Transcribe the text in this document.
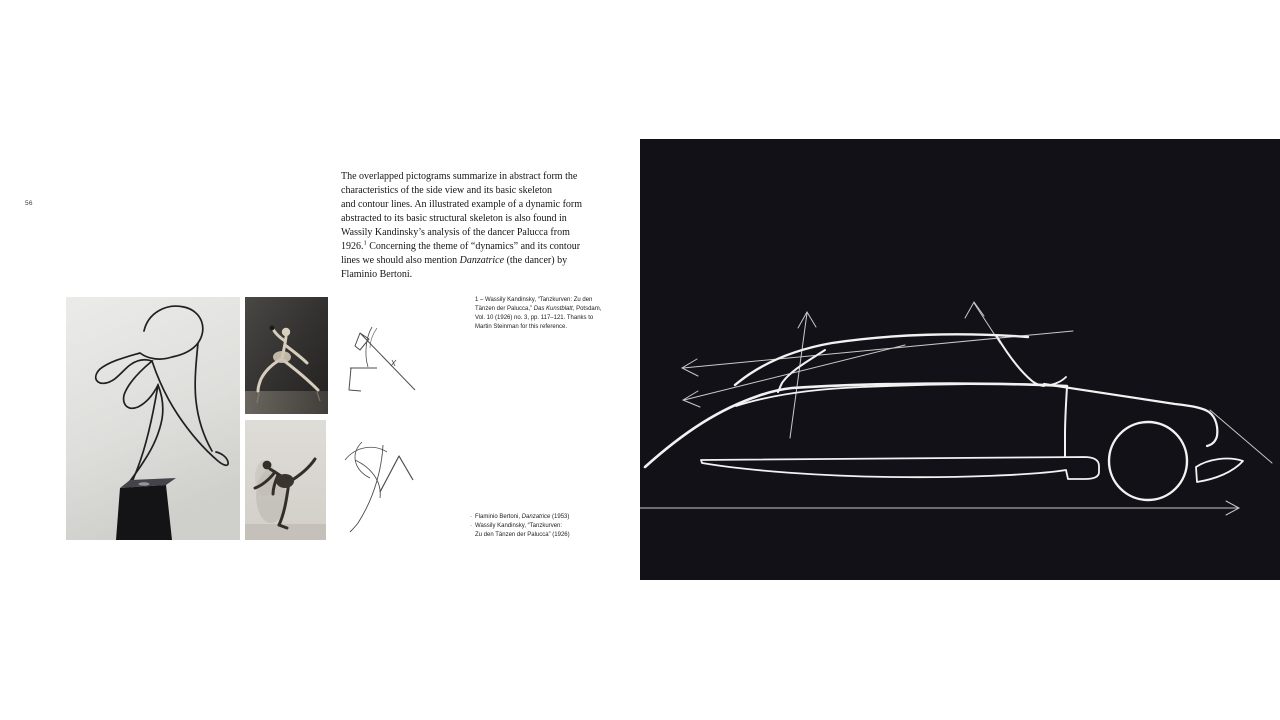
56
The overlapped pictograms summarize in abstract form the
characteristics of the side view and its basic skeleton
and contour lines. An illustrated example of a dynamic form
abstracted to its basic structural skeleton is also found in
Wassily Kandinsky’s analysis of the dancer Palucca from
1926.$^1$ Concerning the theme of “dynamics” and its contour
lines we should also mention Danzatrice (the dancer) by
Flaminio Bertoni.
1 – Wassily Kandinsky, “Tanzkurven: Zu den
Tänzen der Palucca,” Das Kunstblatt, Potsdam,
Vol. 10 (1926) no. 3, pp. 117–121. Thanks to
Martin Steinman for this reference.
· Flaminio Bertoni, Danzatrice (1953)
· Wassily Kandinsky, “Tanzkurven:
Zu den Tänzen der Palucca” (1926)
